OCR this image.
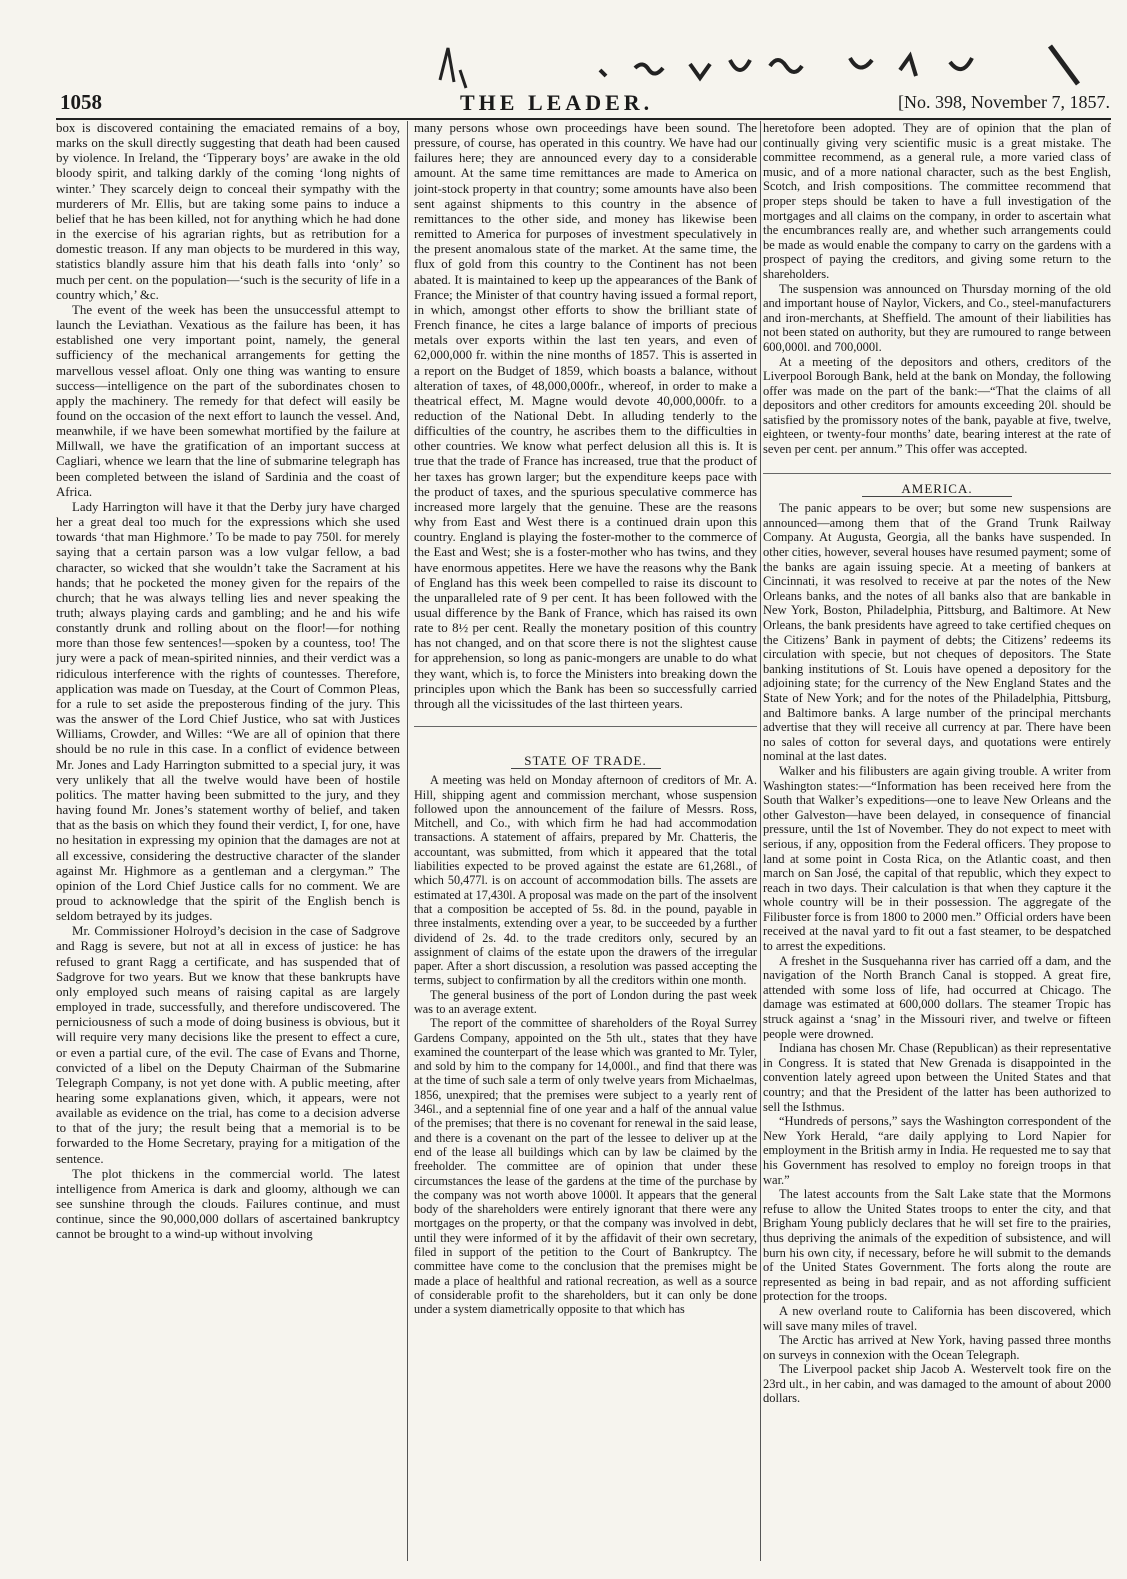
1058	THE LEADER.	[No. 398, November 7, 1857.

box is discovered containing the emaciated remains of a boy, marks on the skull directly suggesting that death had been caused by violence. In Ireland, the ‘Tipperary boys’ are awake in the old bloody spirit, and talking darkly of the coming ‘long nights of winter.’ They scarcely deign to conceal their sympathy with the murderers of Mr. Ellis, but are taking some pains to induce a belief that he has been killed, not for anything which he had done in the exercise of his agrarian rights, but as retribution for a domestic treason. If any man objects to be murdered in this way, statistics blandly assure him that his death falls into ‘only’ so much per cent. on the population—‘such is the security of life in a country which,’ &c.

The event of the week has been the unsuccessful attempt to launch the Leviathan. Vexatious as the failure has been, it has established one very important point, namely, the general sufficiency of the mechanical arrangements for getting the marvellous vessel afloat. Only one thing was wanting to ensure success—intelligence on the part of the subordinates chosen to apply the machinery. The remedy for that defect will easily be found on the occasion of the next effort to launch the vessel. And, meanwhile, if we have been somewhat mortified by the failure at Millwall, we have the gratification of an important success at Cagliari, whence we learn that the line of submarine telegraph has been completed between the island of Sardinia and the coast of Africa.

Lady Harrington will have it that the Derby jury have charged her a great deal too much for the expressions which she used towards ‘that man Highmore.’ To be made to pay 750l. for merely saying that a certain parson was a low vulgar fellow, a bad character, so wicked that she wouldn’t take the Sacrament at his hands; that he pocketed the money given for the repairs of the church; that he was always telling lies and never speaking the truth; always playing cards and gambling; and he and his wife constantly drunk and rolling about on the floor!—for nothing more than those few sentences!—spoken by a countess, too! The jury were a pack of mean-spirited ninnies, and their verdict was a ridiculous interference with the rights of countesses. Therefore, application was made on Tuesday, at the Court of Common Pleas, for a rule to set aside the preposterous finding of the jury. This was the answer of the Lord Chief Justice, who sat with Justices Williams, Crowder, and Willes: “We are all of opinion that there should be no rule in this case. In a conflict of evidence between Mr. Jones and Lady Harrington submitted to a special jury, it was very unlikely that all the twelve would have been of hostile politics. The matter having been submitted to the jury, and they having found Mr. Jones’s statement worthy of belief, and taken that as the basis on which they found their verdict, I, for one, have no hesitation in expressing my opinion that the damages are not at all excessive, considering the destructive character of the slander against Mr. Highmore as a gentleman and a clergyman.” The opinion of the Lord Chief Justice calls for no comment. We are proud to acknowledge that the spirit of the English bench is seldom betrayed by its judges.

Mr. Commissioner Holroyd’s decision in the case of Sadgrove and Ragg is severe, but not at all in excess of justice: he has refused to grant Ragg a certificate, and has suspended that of Sadgrove for two years. But we know that these bankrupts have only employed such means of raising capital as are largely employed in trade, successfully, and therefore undiscovered. The perniciousness of such a mode of doing business is obvious, but it will require very many decisions like the present to effect a cure, or even a partial cure, of the evil. The case of Evans and Thorne, convicted of a libel on the Deputy Chairman of the Submarine Telegraph Company, is not yet done with. A public meeting, after hearing some explanations given, which, it appears, were not available as evidence on the trial, has come to a decision adverse to that of the jury; the result being that a memorial is to be forwarded to the Home Secretary, praying for a mitigation of the sentence.

The plot thickens in the commercial world. The latest intelligence from America is dark and gloomy, although we can see sunshine through the clouds. Failures continue, and must continue, since the 90,000,000 dollars of ascertained bankruptcy cannot be brought to a wind-up without involving

many persons whose own proceedings have been sound. The pressure, of course, has operated in this country. We have had our failures here; they are announced every day to a considerable amount. At the same time remittances are made to America on joint-stock property in that country; some amounts have also been sent against shipments to this country in the absence of remittances to the other side, and money has likewise been remitted to America for purposes of investment speculatively in the present anomalous state of the market. At the same time, the flux of gold from this country to the Continent has not been abated. It is maintained to keep up the appearances of the Bank of France; the Minister of that country having issued a formal report, in which, amongst other efforts to show the brilliant state of French finance, he cites a large balance of imports of precious metals over exports within the last ten years, and even of 62,000,000 fr. within the nine months of 1857. This is asserted in a report on the Budget of 1859, which boasts a balance, without alteration of taxes, of 48,000,000fr., whereof, in order to make a theatrical effect, M. Magne would devote 40,000,000fr. to a reduction of the National Debt. In alluding tenderly to the difficulties of the country, he ascribes them to the difficulties in other countries. We know what perfect delusion all this is. It is true that the trade of France has increased, true that the product of her taxes has grown larger; but the expenditure keeps pace with the product of taxes, and the spurious speculative commerce has increased more largely that the genuine. These are the reasons why from East and West there is a continued drain upon this country. England is playing the foster-mother to the commerce of the East and West; she is a foster-mother who has twins, and they have enormous appetites. Here we have the reasons why the Bank of England has this week been compelled to raise its discount to the unparalleled rate of 9 per cent. It has been followed with the usual difference by the Bank of France, which has raised its own rate to 8½ per cent. Really the monetary position of this country has not changed, and on that score there is not the slightest cause for apprehension, so long as panic-mongers are unable to do what they want, which is, to force the Ministers into breaking down the principles upon which the Bank has been so successfully carried through all the vicissitudes of the last thirteen years.

STATE OF TRADE.

A meeting was held on Monday afternoon of creditors of Mr. A. Hill, shipping agent and commission merchant, whose suspension followed upon the announcement of the failure of Messrs. Ross, Mitchell, and Co., with which firm he had had accommodation transactions. A statement of affairs, prepared by Mr. Chatteris, the accountant, was submitted, from which it appeared that the total liabilities expected to be proved against the estate are 61,268l., of which 50,477l. is on account of accommodation bills. The assets are estimated at 17,430l. A proposal was made on the part of the insolvent that a composition be accepted of 5s. 8d. in the pound, payable in three instalments, extending over a year, to be succeeded by a further dividend of 2s. 4d. to the trade creditors only, secured by an assignment of claims of the estate upon the drawers of the irregular paper. After a short discussion, a resolution was passed accepting the terms, subject to confirmation by all the creditors within one month.

The general business of the port of London during the past week was to an average extent.

The report of the committee of shareholders of the Royal Surrey Gardens Company, appointed on the 5th ult., states that they have examined the counterpart of the lease which was granted to Mr. Tyler, and sold by him to the company for 14,000l., and find that there was at the time of such sale a term of only twelve years from Michaelmas, 1856, unexpired; that the premises were subject to a yearly rent of 346l., and a septennial fine of one year and a half of the annual value of the premises; that there is no covenant for renewal in the said lease, and there is a covenant on the part of the lessee to deliver up at the end of the lease all buildings which can by law be claimed by the freeholder. The committee are of opinion that under these circumstances the lease of the gardens at the time of the purchase by the company was not worth above 1000l. It appears that the general body of the shareholders were entirely ignorant that there were any mortgages on the property, or that the company was involved in debt, until they were informed of it by the affidavit of their own secretary, filed in support of the petition to the Court of Bankruptcy. The committee have come to the conclusion that the premises might be made a place of healthful and rational recreation, as well as a source of considerable profit to the shareholders, but it can only be done under a system diametrically opposite to that which has

heretofore been adopted. They are of opinion that the plan of continually giving very scientific music is a great mistake. The committee recommend, as a general rule, a more varied class of music, and of a more national character, such as the best English, Scotch, and Irish compositions. The committee recommend that proper steps should be taken to have a full investigation of the mortgages and all claims on the company, in order to ascertain what the encumbrances really are, and whether such arrangements could be made as would enable the company to carry on the gardens with a prospect of paying the creditors, and giving some return to the shareholders.

The suspension was announced on Thursday morning of the old and important house of Naylor, Vickers, and Co., steel-manufacturers and iron-merchants, at Sheffield. The amount of their liabilities has not been stated on authority, but they are rumoured to range between 600,000l. and 700,000l.

At a meeting of the depositors and others, creditors of the Liverpool Borough Bank, held at the bank on Monday, the following offer was made on the part of the bank:—“That the claims of all depositors and other creditors for amounts exceeding 20l. should be satisfied by the promissory notes of the bank, payable at five, twelve, eighteen, or twenty-four months’ date, bearing interest at the rate of seven per cent. per annum.” This offer was accepted.

AMERICA.

The panic appears to be over; but some new suspensions are announced—among them that of the Grand Trunk Railway Company. At Augusta, Georgia, all the banks have suspended. In other cities, however, several houses have resumed payment; some of the banks are again issuing specie. At a meeting of bankers at Cincinnati, it was resolved to receive at par the notes of the New Orleans banks, and the notes of all banks also that are bankable in New York, Boston, Philadelphia, Pittsburg, and Baltimore. At New Orleans, the bank presidents have agreed to take certified cheques on the Citizens’ Bank in payment of debts; the Citizens’ redeems its circulation with specie, but not cheques of depositors. The State banking institutions of St. Louis have opened a depository for the adjoining state; for the currency of the New England States and the State of New York; and for the notes of the Philadelphia, Pittsburg, and Baltimore banks. A large number of the principal merchants advertise that they will receive all currency at par. There have been no sales of cotton for several days, and quotations were entirely nominal at the last dates.

Walker and his filibusters are again giving trouble. A writer from Washington states:—“Information has been received here from the South that Walker’s expeditions—one to leave New Orleans and the other Galveston—have been delayed, in consequence of financial pressure, until the 1st of November. They do not expect to meet with serious, if any, opposition from the Federal officers. They propose to land at some point in Costa Rica, on the Atlantic coast, and then march on San José, the capital of that republic, which they expect to reach in two days. Their calculation is that when they capture it the whole country will be in their possession. The aggregate of the Filibuster force is from 1800 to 2000 men.” Official orders have been received at the naval yard to fit out a fast steamer, to be despatched to arrest the expeditions.

A freshet in the Susquehanna river has carried off a dam, and the navigation of the North Branch Canal is stopped. A great fire, attended with some loss of life, had occurred at Chicago. The damage was estimated at 600,000 dollars. The steamer Tropic has struck against a ‘snag’ in the Missouri river, and twelve or fifteen people were drowned.

Indiana has chosen Mr. Chase (Republican) as their representative in Congress. It is stated that New Grenada is disappointed in the convention lately agreed upon between the United States and that country; and that the President of the latter has been authorized to sell the Isthmus.

“Hundreds of persons,” says the Washington correspondent of the New York Herald, “are daily applying to Lord Napier for employment in the British army in India. He requested me to say that his Government has resolved to employ no foreign troops in that war.”

The latest accounts from the Salt Lake state that the Mormons refuse to allow the United States troops to enter the city, and that Brigham Young publicly declares that he will set fire to the prairies, thus depriving the animals of the expedition of subsistence, and will burn his own city, if necessary, before he will submit to the demands of the United States Government. The forts along the route are represented as being in bad repair, and as not affording sufficient protection for the troops.

A new overland route to California has been discovered, which will save many miles of travel.

The Arctic has arrived at New York, having passed three months on surveys in connexion with the Ocean Telegraph.

The Liverpool packet ship Jacob A. Westervelt took fire on the 23rd ult., in her cabin, and was damaged to the amount of about 2000 dollars.
